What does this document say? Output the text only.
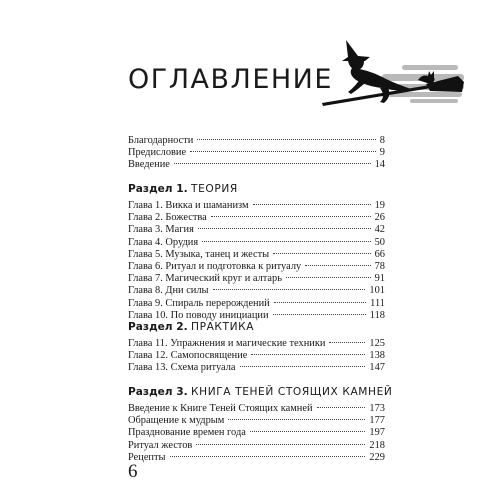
ОГЛАВЛЕНИЕ
Благодарности	8
Предисловие	9
Введение	14
Раздел 1. ТЕОРИЯ
Глава 1. Викка и шаманизм	19
Глава 2. Божества	26
Глава 3. Магия	42
Глава 4. Орудия	50
Глава 5. Музыка, танец и жесты	66
Глава 6. Ритуал и подготовка к ритуалу	78
Глава 7. Магический круг и алтарь	91
Глава 8. Дни силы	101
Глава 9. Спираль перерождений	111
Глава 10. По поводу инициации	118
Раздел 2. ПРАКТИКА
Глава 11. Упражнения и магические техники	125
Глава 12. Самопосвящение	138
Глава 13. Схема ритуала	147
Раздел 3. КНИГА ТЕНЕЙ СТОЯЩИХ КАМНЕЙ
Введение к Книге Теней Стоящих камней	173
Обращение к мудрым	177
Празднование времен года	197
Ритуал жестов	218
Рецепты	229
6
